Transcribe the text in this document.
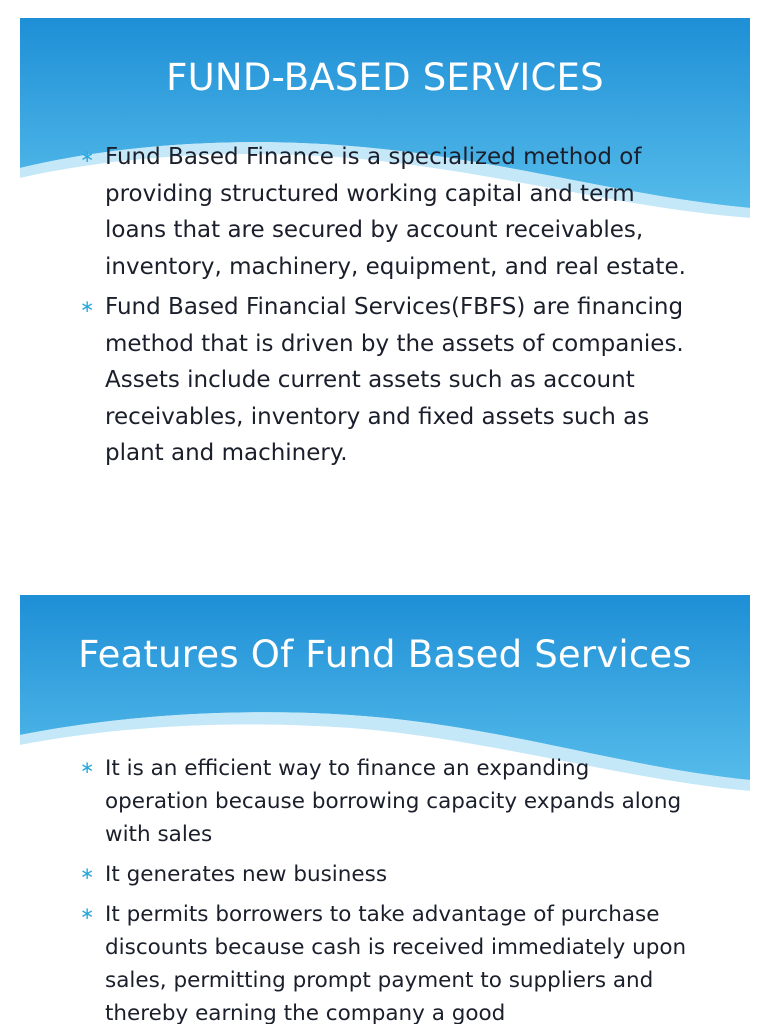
FUND-BASED SERVICES
∗ Fund Based Finance is a specialized method of providing structured working capital and term loans that are secured by account receivables, inventory, machinery, equipment, and real estate.
∗ Fund Based Financial Services(FBFS) are financing method that is driven by the assets of companies. Assets include current assets such as account receivables, inventory and fixed assets such as plant and machinery.
Features Of Fund Based Services
∗ It is an efficient way to finance an expanding operation because borrowing capacity expands along with sales
∗ It generates new business
∗ It permits borrowers to take advantage of purchase discounts because cash is received immediately upon sales, permitting prompt payment to suppliers and thereby earning the company a good
